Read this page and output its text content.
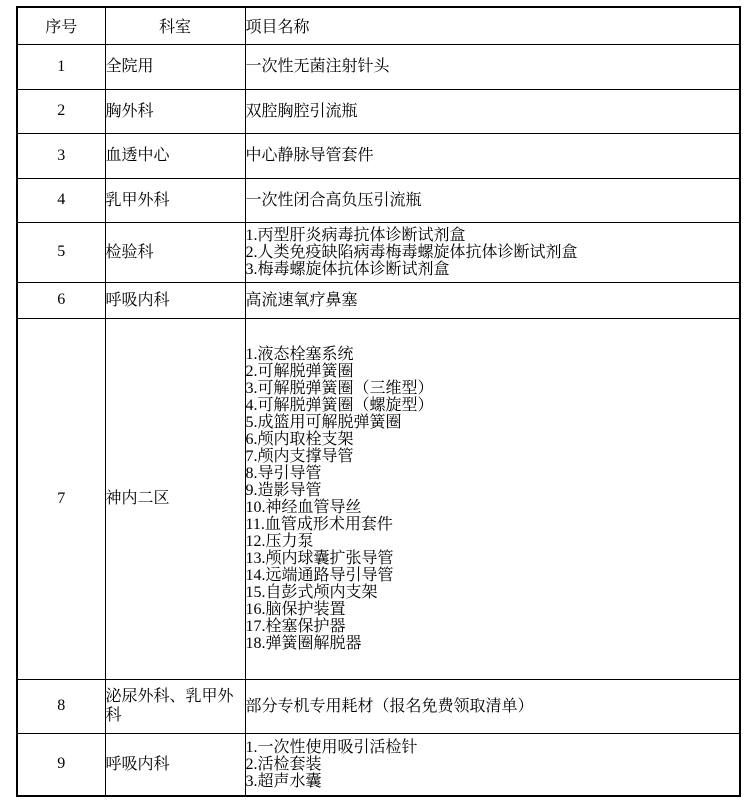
序号	科室	项目名称
1	全院用	一次性无菌注射针头
2	胸外科	双腔胸腔引流瓶
3	血透中心	中心静脉导管套件
4	乳甲外科	一次性闭合高负压引流瓶
5	检验科	1.丙型肝炎病毒抗体诊断试剂盒
2.人类免疫缺陷病毒梅毒螺旋体抗体诊断试剂盒
3.梅毒螺旋体抗体诊断试剂盒
6	呼吸内科	高流速氧疗鼻塞
7	神内二区	1.液态栓塞系统
2.可解脱弹簧圈
3.可解脱弹簧圈（三维型）
4.可解脱弹簧圈（螺旋型）
5.成篮用可解脱弹簧圈
6.颅内取栓支架
7.颅内支撑导管
8.导引导管
9.造影导管
10.神经血管导丝
11.血管成形术用套件
12.压力泵
13.颅内球囊扩张导管
14.远端通路导引导管
15.自彭式颅内支架
16.脑保护装置
17.栓塞保护器
18.弹簧圈解脱器
8	泌尿外科、乳甲外科	部分专机专用耗材（报名免费领取清单）
9	呼吸内科	1.一次性使用吸引活检针
2.活检套装
3.超声水囊
